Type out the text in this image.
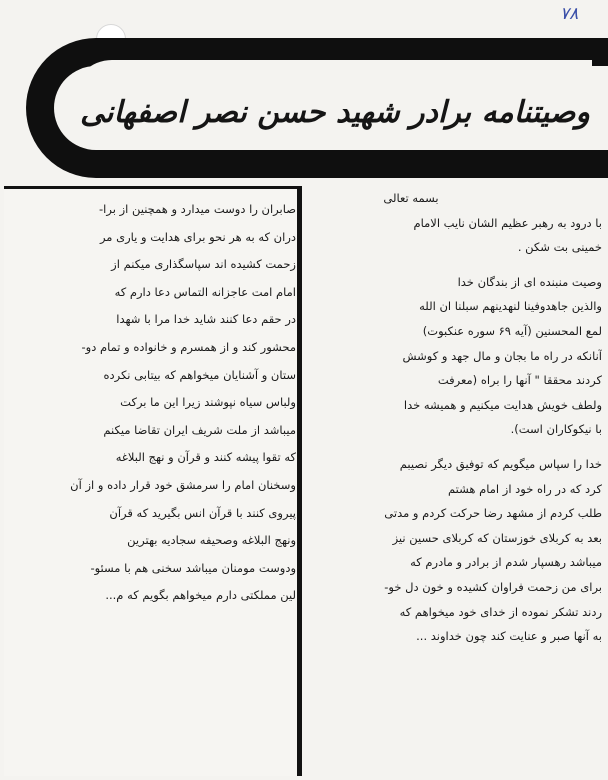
۷۸
وصیتنامه برادر شهید حسن نصر اصفهانی
بسمه تعالی
با درود به رهبر عظیم الشان نایب الامام
خمینی بت شکن .
وصیت منبنده ای از بندگان خدا
والذین جاهدوفینا لنهدینهم سبلنا ان الله
لمع المحسنین (آیه ۶۹ سوره عنکبوت)
آنانکه در راه ما بجان و مال جهد و کوشش
کردند محققا " آنها را براه (معرفت
ولطف خویش هدایت میکنیم و همیشه خدا
با نیکوکاران است).
خدا را سپاس میگویم که توفیق دیگر نصیبم
کرد که در راه خود از امام هشتم
طلب کردم از مشهد رضا حرکت کردم و مدتی
بعد به کربلای خوزستان که کربلای حسین نیز
میباشد رهسپار شدم از برادر و مادرم که
برای من زحمت فراوان کشیده و خون دل خو-
ردند تشکر نموده از خدای خود میخواهم که
به آنها صبر و عنایت کند چون خداوند ...
صابران را دوست میدارد و همچنین از برا-
دران که به هر نحو برای هدایت و یاری مر
زحمت کشیده اند سپاسگذاری میکنم از
امام امت عاجزانه التماس دعا دارم که
در حقم دعا کنند شاید خدا مرا با شهدا
محشور کند و از همسرم و خانواده و تمام دو-
ستان و آشنایان میخواهم که بیتابی نکرده
ولباس سیاه نپوشند زیرا این ما برکت
میباشد از ملت شریف ایران تقاضا میکنم
که تقوا پیشه کنند و قرآن و نهج البلاغه
وسخنان امام را سرمشق خود قرار داده و از آن
پیروی کنند با قرآن انس بگیرید که قرآن
ونهج البلاغه وصحیفه سجادیه بهترین
ودوست مومنان میباشد سخنی هم با مسئو-
لین مملکتی دارم میخواهم بگویم که م...
